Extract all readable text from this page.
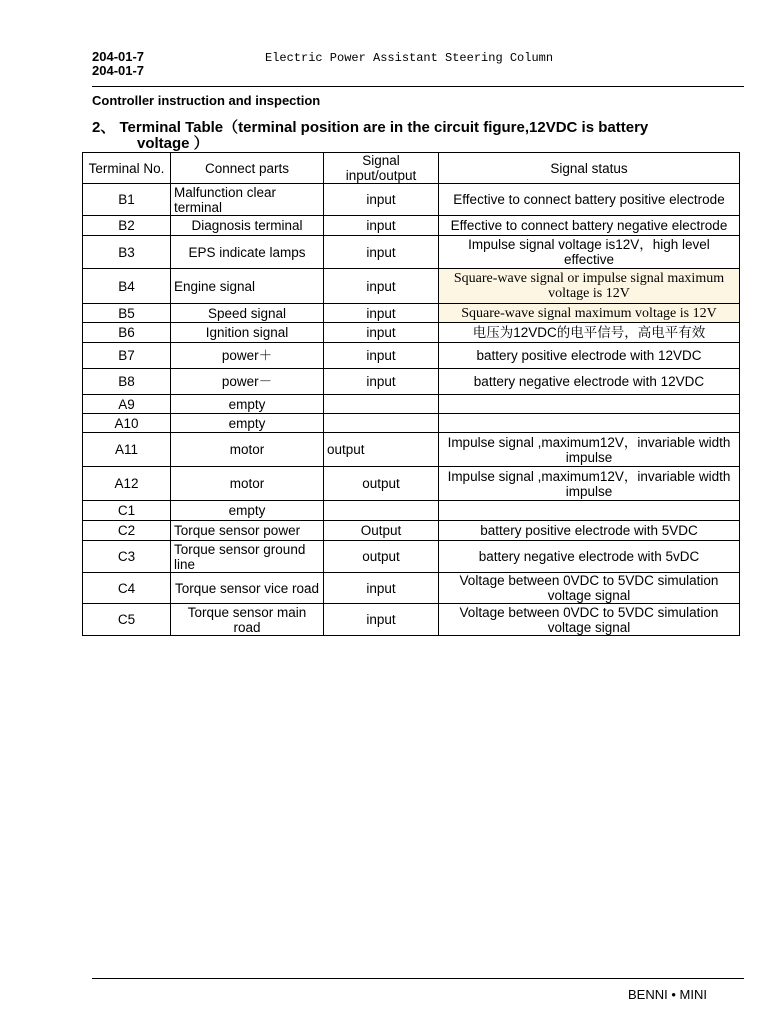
204-01-7
204-01-7
Electric Power Assistant Steering Column
Controller instruction and inspection
2、 Terminal Table（terminal position are in the circuit figure,12VDC is battery
voltage ）
Terminal No.	Connect parts	Signal input/output	Signal status
B1	Malfunction clear terminal	input	Effective to connect battery positive electrode
B2	Diagnosis terminal	input	Effective to connect battery negative electrode
B3	EPS indicate lamps	input	Impulse signal voltage is12V，high level effective
B4	Engine signal	input	Square-wave signal or impulse signal maximum voltage is 12V
B5	Speed signal	input	Square-wave signal maximum voltage is 12V
B6	Ignition signal	input	电压为12VDC的电平信号，高电平有效
B7	power＋	input	battery positive electrode with 12VDC
B8	power－	input	battery negative electrode with 12VDC
A9	empty		
A10	empty		
A11	motor	output	Impulse signal ,maximum12V，invariable width impulse
A12	motor	output	Impulse signal ,maximum12V，invariable width impulse
C1	empty		
C2	Torque sensor power	Output	battery positive electrode with 5VDC
C3	Torque sensor ground line	output	battery negative electrode with 5vDC
C4	Torque sensor vice road	input	Voltage between 0VDC to 5VDC simulation voltage signal
C5	Torque sensor main road	input	Voltage between 0VDC to 5VDC simulation voltage signal
BENNI • MINI
